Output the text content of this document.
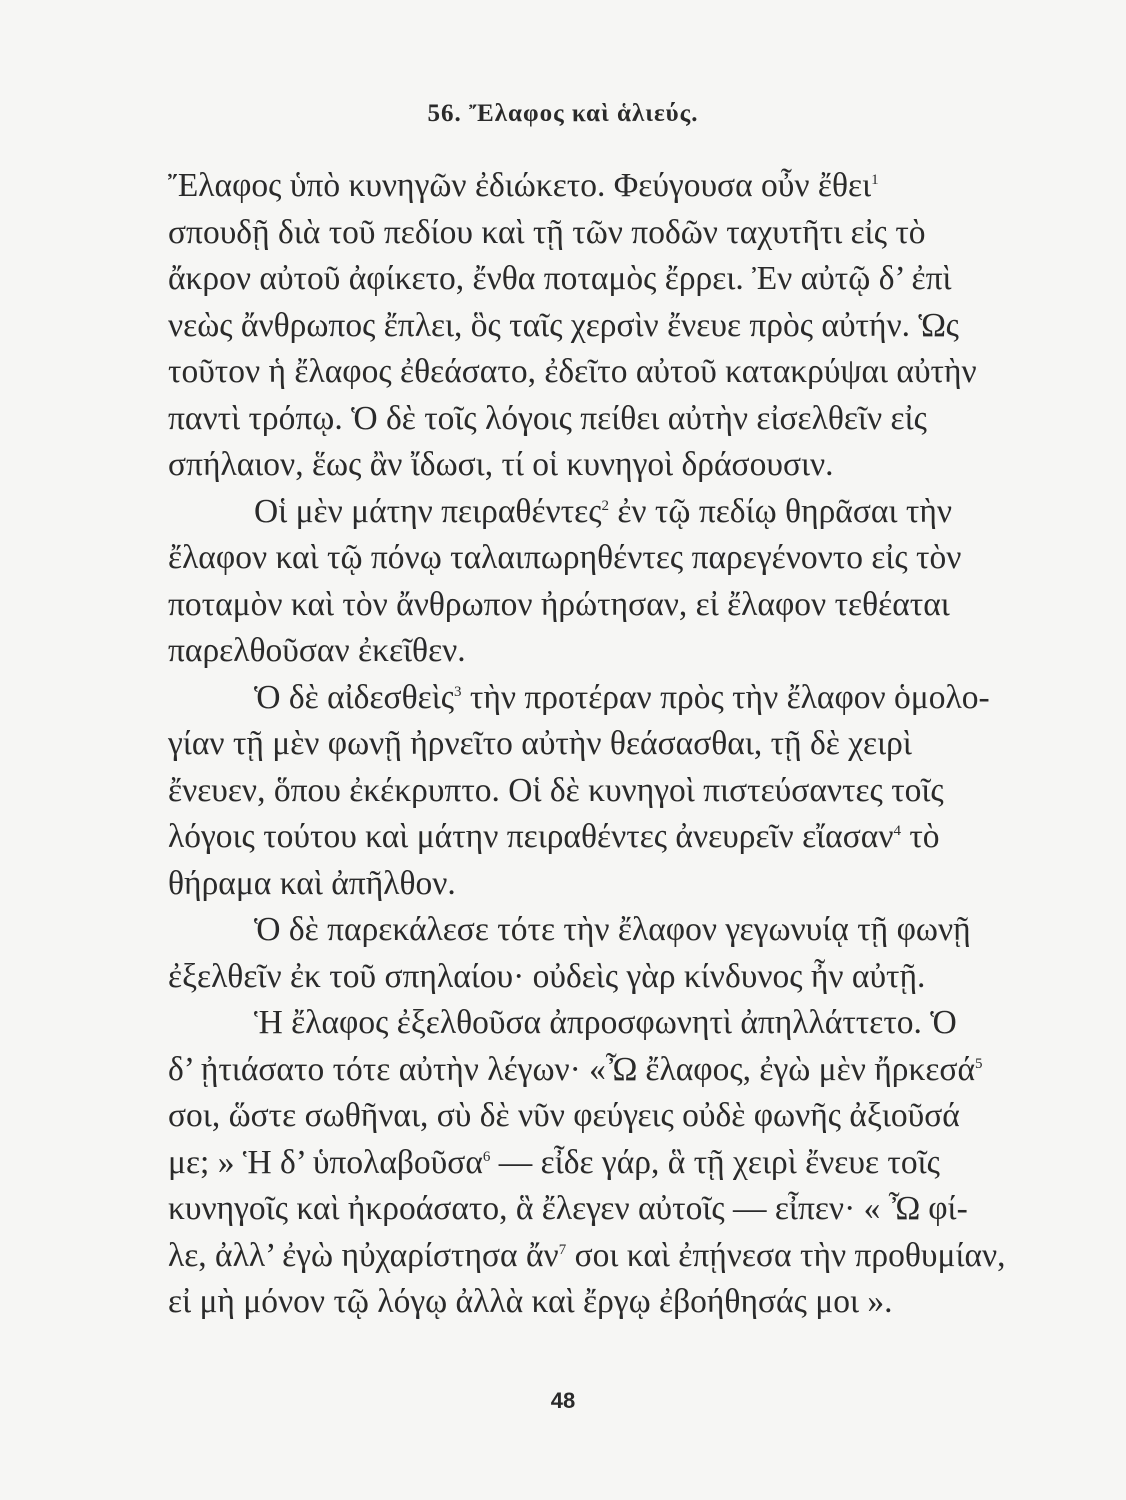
56. Ἔλαφος καὶ ἁλιεύς.
Ἔλαφος ὑπὸ κυνηγῶν ἐδιώκετο. Φεύγουσα οὖν ἔθει$^1$
σπουδῇ διὰ τοῦ πεδίου καὶ τῇ τῶν ποδῶν ταχυτῆτι εἰς τὸ
ἄκρον αὐτοῦ ἀφίκετο, ἔνθα ποταμὸς ἔρρει. Ἐν αὐτῷ δ’ ἐπὶ
νεὼς ἄνθρωπος ἔπλει, ὃς ταῖς χερσὶν ἔνευε πρὸς αὐτήν. Ὡς
τοῦτον ἡ ἔλαφος ἐθεάσατο, ἐδεῖτο αὐτοῦ κατακρύψαι αὐτὴν
παντὶ τρόπῳ. Ὁ δὲ τοῖς λόγοις πείθει αὐτὴν εἰσελθεῖν εἰς
σπήλαιον, ἕως ἂν ἴδωσι, τί οἱ κυνηγοὶ δράσουσιν.
Οἱ μὲν μάτην πειραθέντες$^2$ ἐν τῷ πεδίῳ θηρᾶσαι τὴν
ἔλαφον καὶ τῷ πόνῳ ταλαιπωρηθέντες παρεγένοντο εἰς τὸν
ποταμὸν καὶ τὸν ἄνθρωπον ἠρώτησαν, εἰ ἔλαφον τεθέαται
παρελθοῦσαν ἐκεῖθεν.
Ὁ δὲ αἰδεσθεὶς$^3$ τὴν προτέραν πρὸς τὴν ἔλαφον ὁμολο-
γίαν τῇ μὲν φωνῇ ἠρνεῖτο αὐτὴν θεάσασθαι, τῇ δὲ χειρὶ
ἔνευεν, ὅπου ἐκέκρυπτο. Οἱ δὲ κυνηγοὶ πιστεύσαντες τοῖς
λόγοις τούτου καὶ μάτην πειραθέντες ἀνευρεῖν εἴασαν$^4$ τὸ
θήραμα καὶ ἀπῆλθον.
Ὁ δὲ παρεκάλεσε τότε τὴν ἔλαφον γεγωνυίᾳ τῇ φωνῇ
ἐξελθεῖν ἐκ τοῦ σπηλαίου· οὐδεὶς γὰρ κίνδυνος ἦν αὐτῇ.
Ἡ ἔλαφος ἐξελθοῦσα ἀπροσφωνητὶ ἀπηλλάττετο. Ὁ
δ’ ᾐτιάσατο τότε αὐτὴν λέγων· «Ὦ ἔλαφος, ἐγὼ μὲν ἤρκεσά$^5$
σοι, ὥστε σωθῆναι, σὺ δὲ νῦν φεύγεις οὐδὲ φωνῆς ἀξιοῦσά
με; » Ἡ δ’ ὑπολαβοῦσα$^6$ — εἶδε γάρ, ἃ τῇ χειρὶ ἔνευε τοῖς
κυνηγοῖς καὶ ἠκροάσατο, ἃ ἔλεγεν αὐτοῖς — εἶπεν· « Ὦ φί-
λε, ἀλλ’ ἐγὼ ηὐχαρίστησα ἄν$^7$ σοι καὶ ἐπῄνεσα τὴν προθυμίαν,
εἰ μὴ μόνον τῷ λόγῳ ἀλλὰ καὶ ἔργῳ ἐβοήθησάς μοι ».
48
